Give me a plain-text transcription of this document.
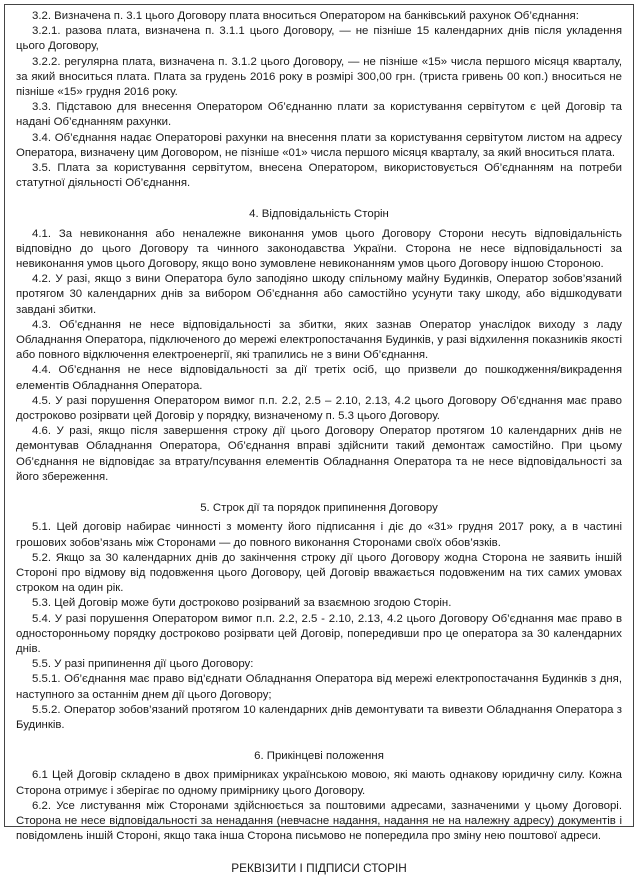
3.2. Визначена п. 3.1 цього Договору плата вноситься Оператором на банківський рахунок Об’єднання:

3.2.1. разова плата, визначена п. 3.1.1 цього Договору, — не пізніше 15 календарних днів після укладення цього Договору,

3.2.2. регулярна плата, визначена п. 3.1.2 цього Договору, — не пізніше «15» числа першого місяця кварталу, за який вноситься плата. Плата за грудень 2016 року в розмірі 300,00 грн. (триста гривень 00 коп.) вноситься не пізніше «15» грудня 2016 року.

3.3. Підставою для внесення Оператором Об’єднанню плати за користування сервітутом є цей Договір та надані Об’єднанням рахунки.

3.4. Об’єднання надає Операторові рахунки на внесення плати за користування сервітутом листом на адресу Оператора, визначену цим Договором, не пізніше «01» числа першого місяця кварталу, за який вноситься плата.

3.5. Плата за користування сервітутом, внесена Оператором, використовується Об’єднанням на потреби статутної діяльності Об’єднання.

4. Відповідальність Сторін

4.1. За невиконання або неналежне виконання умов цього Договору Сторони несуть відповідальність відповідно до цього Договору та чинного законодавства України. Сторона не несе відповідальності за невиконання умов цього Договору, якщо воно зумовлене невиконанням умов цього Договору іншою Стороною.

4.2. У разі, якщо з вини Оператора було заподіяно шкоду спільному майну Будинків, Оператор зобов’язаний протягом 30 календарних днів за вибором Об’єднання або самостійно усунути таку шкоду, або відшкодувати завдані збитки.

4.3. Об’єднання не несе відповідальності за збитки, яких зазнав Оператор унаслідок виходу з ладу Обладнання Оператора, підключеного до мережі електропостачання Будинків, у разі відхилення показників якості або повного відключення електроенергії, які трапились не з вини Об’єднання.

4.4. Об’єднання не несе відповідальності за дії третіх осіб, що призвели до пошкодження/викрадення елементів Обладнання Оператора.

4.5. У разі порушення Оператором вимог п.п. 2.2, 2.5 – 2.10, 2.13, 4.2 цього Договору Об’єднання має право достроково розірвати цей Договір у порядку, визначеному п. 5.3 цього Договору.

4.6. У разі, якщо після завершення строку дії цього Договору Оператор протягом 10 календарних днів не демонтував Обладнання Оператора, Об’єднання вправі здійснити такий демонтаж самостійно. При цьому Об’єднання не відповідає за втрату/псування елементів Обладнання Оператора та не несе відповідальності за його збереження.

5. Строк дії та порядок припинення Договору

5.1. Цей договір набирає чинності з моменту його підписання і діє до «31» грудня 2017 року, а в частині грошових зобов’язань між Сторонами — до повного виконання Сторонами своїх обов’язків.

5.2. Якщо за 30 календарних днів до закінчення строку дії цього Договору жодна Сторона не заявить іншій Стороні про відмову від подовження цього Договору, цей Договір вважається подовженим на тих самих умовах строком на один рік.

5.3. Цей Договір може бути достроково розірваний за взаємною згодою Сторін.

5.4. У разі порушення Оператором вимог п.п. 2.2, 2.5 - 2.10, 2.13, 4.2 цього Договору Об’єднання має право в односторонньому порядку достроково розірвати цей Договір, попередивши про це оператора за 30 календарних днів.

5.5. У разі припинення дії цього Договору:

5.5.1. Об’єднання має право від’єднати Обладнання Оператора від мережі електропостачання Будинків з дня, наступного за останнім днем дії цього Договору;

5.5.2. Оператор зобов’язаний протягом 10 календарних днів демонтувати та вивезти Обладнання Оператора з Будинків.

6. Прикінцеві положення

6.1 Цей Договір складено в двох примірниках українською мовою, які мають однакову юридичну силу. Кожна Сторона отримує і зберігає по одному примірнику цього Договору.

6.2. Усе листування між Сторонами здійснюється за поштовими адресами, зазначеними у цьому Договорі. Сторона не несе відповідальності за ненадання (невчасне надання, надання не на належну адресу) документів і повідомлень іншій Стороні, якщо така інша Сторона письмово не попередила про зміну нею поштової адреси.

РЕКВІЗИТИ І ПІДПИСИ СТОРІН
